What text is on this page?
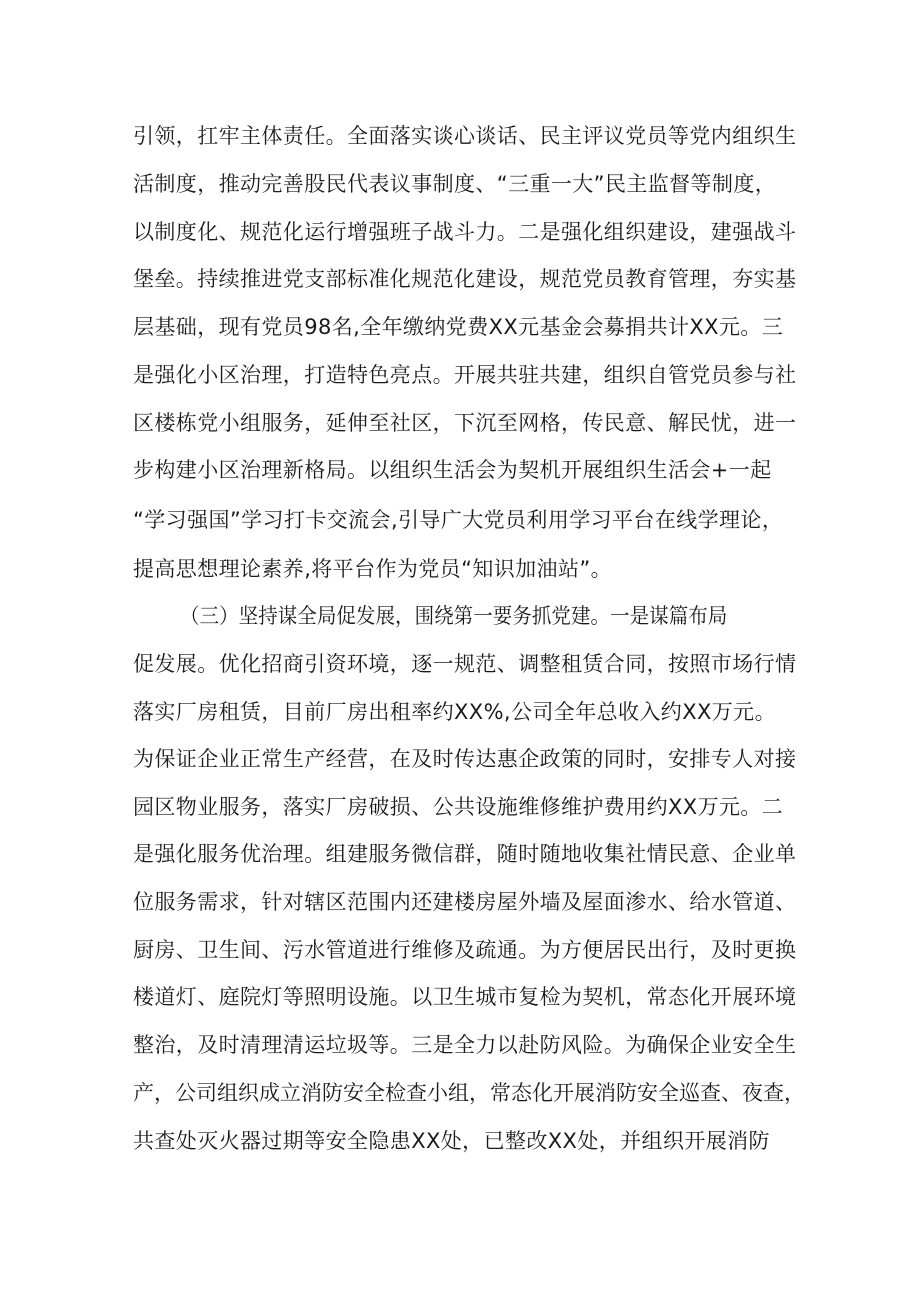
引领，扛牢主体责任。全面落实谈心谈话、民主评议党员等党内组织生
活制度，推动完善股民代表议事制度、“三重一大”民主监督等制度，
以制度化、规范化运行增强班子战斗力。二是强化组织建设，建强战斗
堡垒。持续推进党支部标准化规范化建设，规范党员教育管理，夯实基
层基础，现有党员98名,全年缴纳党费XX元基金会募捐共计XX元。三
是强化小区治理，打造特色亮点。开展共驻共建，组织自管党员参与社
区楼栋党小组服务，延伸至社区，下沉至网格，传民意、解民忧，进一
步构建小区治理新格局。以组织生活会为契机开展组织生活会+一起
“学习强国”学习打卡交流会,引导广大党员利用学习平台在线学理论，
提高思想理论素养,将平台作为党员“知识加油站”。
（三）坚持谋全局促发展，围绕第一要务抓党建。一是谋篇布局
促发展。优化招商引资环境，逐一规范、调整租赁合同，按照市场行情
落实厂房租赁，目前厂房出租率约XX%,公司全年总收入约XX万元。
为保证企业正常生产经营，在及时传达惠企政策的同时，安排专人对接
园区物业服务，落实厂房破损、公共设施维修维护费用约XX万元。二
是强化服务优治理。组建服务微信群，随时随地收集社情民意、企业单
位服务需求，针对辖区范围内还建楼房屋外墙及屋面渗水、给水管道、
厨房、卫生间、污水管道进行维修及疏通。为方便居民出行，及时更换
楼道灯、庭院灯等照明设施。以卫生城市复检为契机，常态化开展环境
整治，及时清理清运垃圾等。三是全力以赴防风险。为确保企业安全生
产，公司组织成立消防安全检查小组，常态化开展消防安全巡查、夜查，
共查处灭火器过期等安全隐患XX处，已整改XX处，并组织开展消防
